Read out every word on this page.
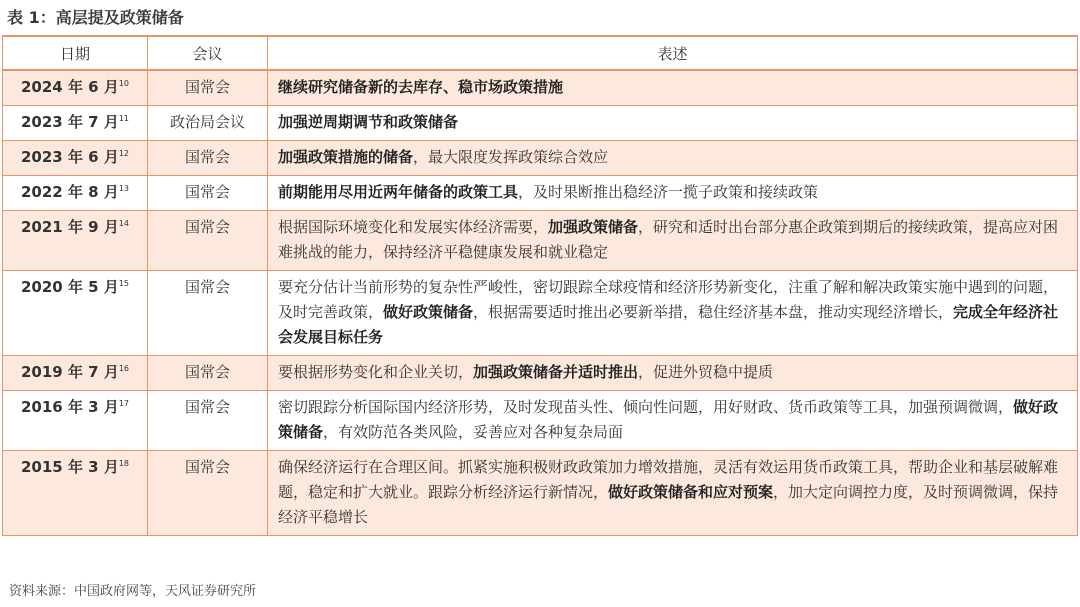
表 1：高层提及政策储备
日期	会议	表述
2024 年 6 月$^{10}$	国常会	继续研究储备新的去库存、稳市场政策措施
2023 年 7 月$^{11}$	政治局会议	加强逆周期调节和政策储备
2023 年 6 月$^{12}$	国常会	加强政策措施的储备，最大限度发挥政策综合效应
2022 年 8 月$^{13}$	国常会	前期能用尽用近两年储备的政策工具，及时果断推出稳经济一揽子政策和接续政策
2021 年 9 月$^{14}$	国常会	根据国际环境变化和发展实体经济需要，加强政策储备，研究和适时出台部分惠企政策到期后的接续政策，提高应对困难挑战的能力，保持经济平稳健康发展和就业稳定
2020 年 5 月$^{15}$	国常会	要充分估计当前形势的复杂性严峻性，密切跟踪全球疫情和经济形势新变化，注重了解和解决政策实施中遇到的问题，及时完善政策，做好政策储备，根据需要适时推出必要新举措，稳住经济基本盘，推动实现经济增长，完成全年经济社会发展目标任务
2019 年 7 月$^{16}$	国常会	要根据形势变化和企业关切，加强政策储备并适时推出，促进外贸稳中提质
2016 年 3 月$^{17}$	国常会	密切跟踪分析国际国内经济形势，及时发现苗头性、倾向性问题，用好财政、货币政策等工具，加强预调微调，做好政策储备，有效防范各类风险，妥善应对各种复杂局面
2015 年 3 月$^{18}$	国常会	确保经济运行在合理区间。抓紧实施积极财政政策加力增效措施，灵活有效运用货币政策工具，帮助企业和基层破解难题，稳定和扩大就业。跟踪分析经济运行新情况，做好政策储备和应对预案，加大定向调控力度，及时预调微调，保持经济平稳增长
资料来源：中国政府网等，天风证券研究所
